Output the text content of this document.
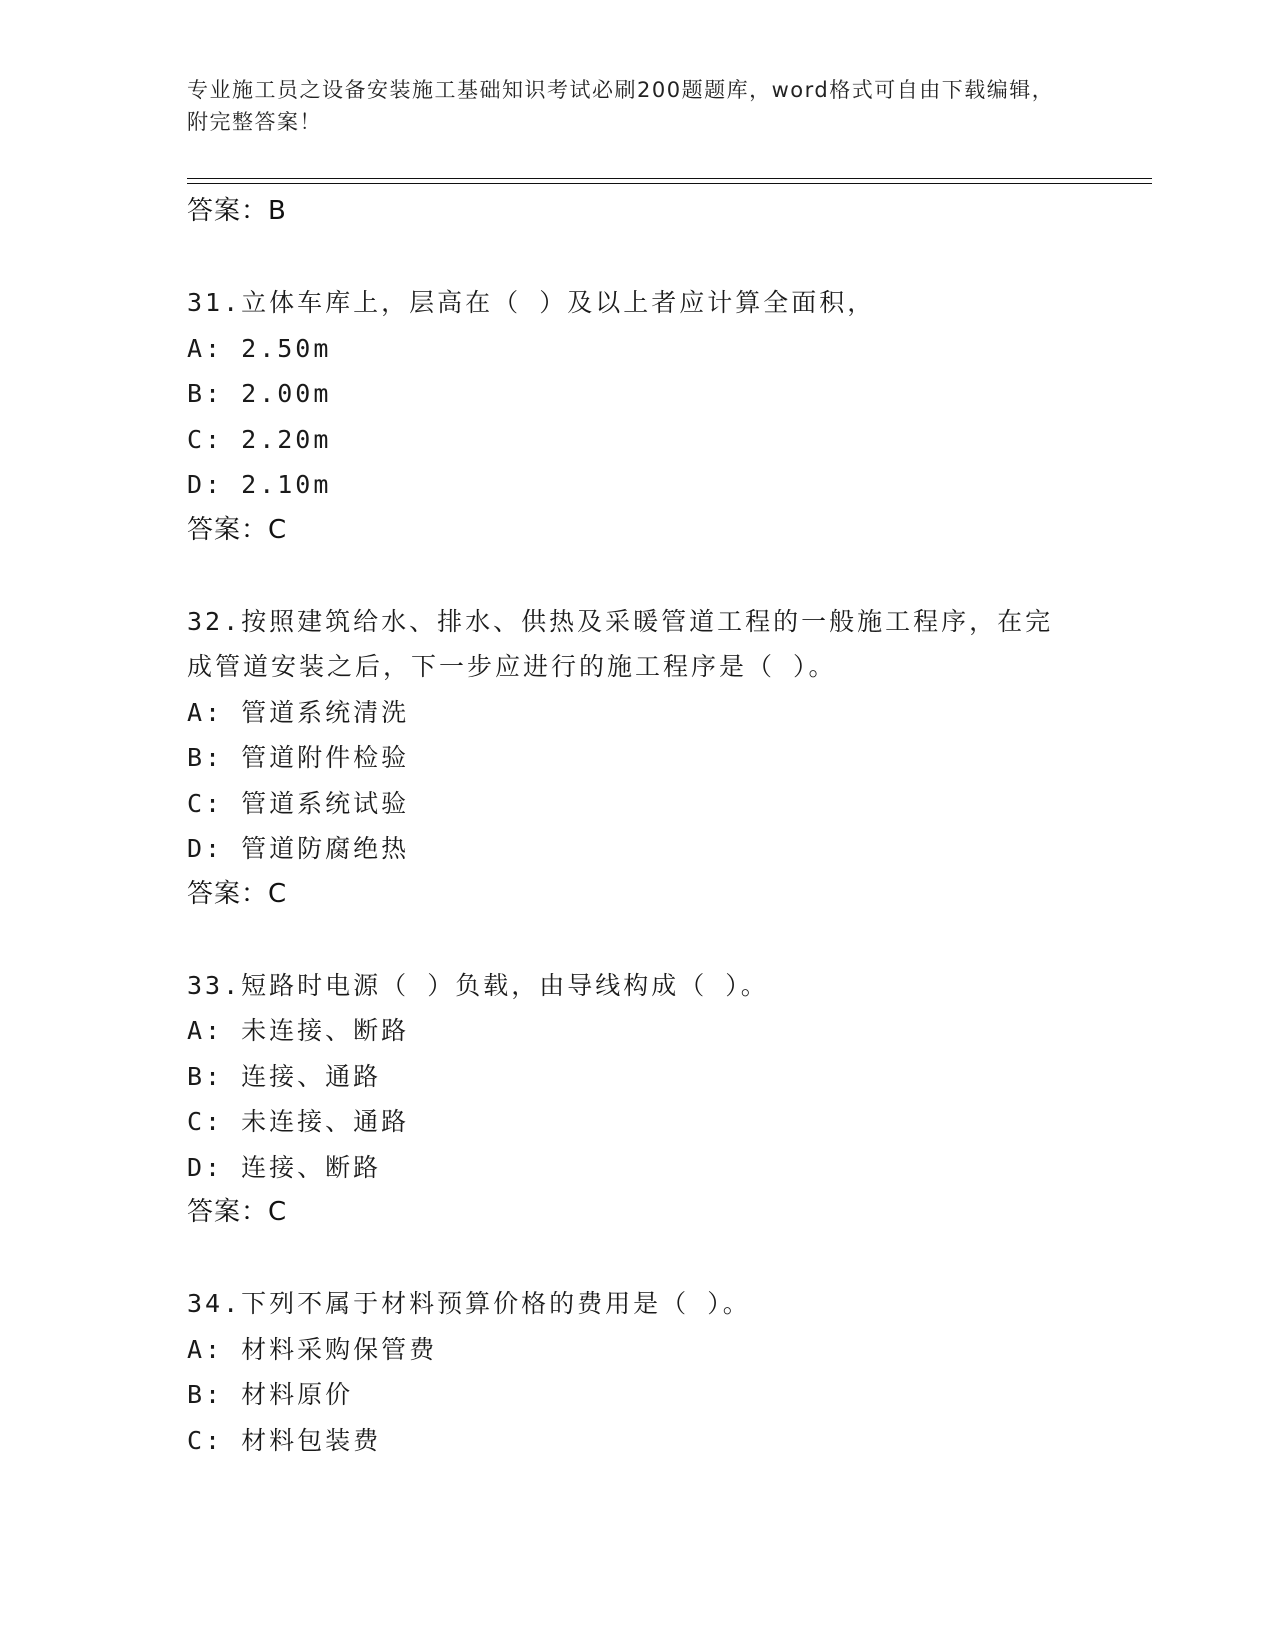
专业施工员之设备安装施工基础知识考试必刷200题题库，word格式可自由下载编辑，附完整答案！
答案：B
31.立体车库上，层高在（ ）及以上者应计算全面积，
A: 2.50m
B: 2.00m
C: 2.20m
D: 2.10m
答案：C
32.按照建筑给水、排水、供热及采暖管道工程的一般施工程序，在完成管道安装之后，下一步应进行的施工程序是（ ）。
A: 管道系统清洗
B: 管道附件检验
C: 管道系统试验
D: 管道防腐绝热
答案：C
33.短路时电源（ ）负载，由导线构成（ ）。
A: 未连接、断路
B: 连接、通路
C: 未连接、通路
D: 连接、断路
答案：C
34.下列不属于材料预算价格的费用是（ ）。
A: 材料采购保管费
B: 材料原价
C: 材料包装费
